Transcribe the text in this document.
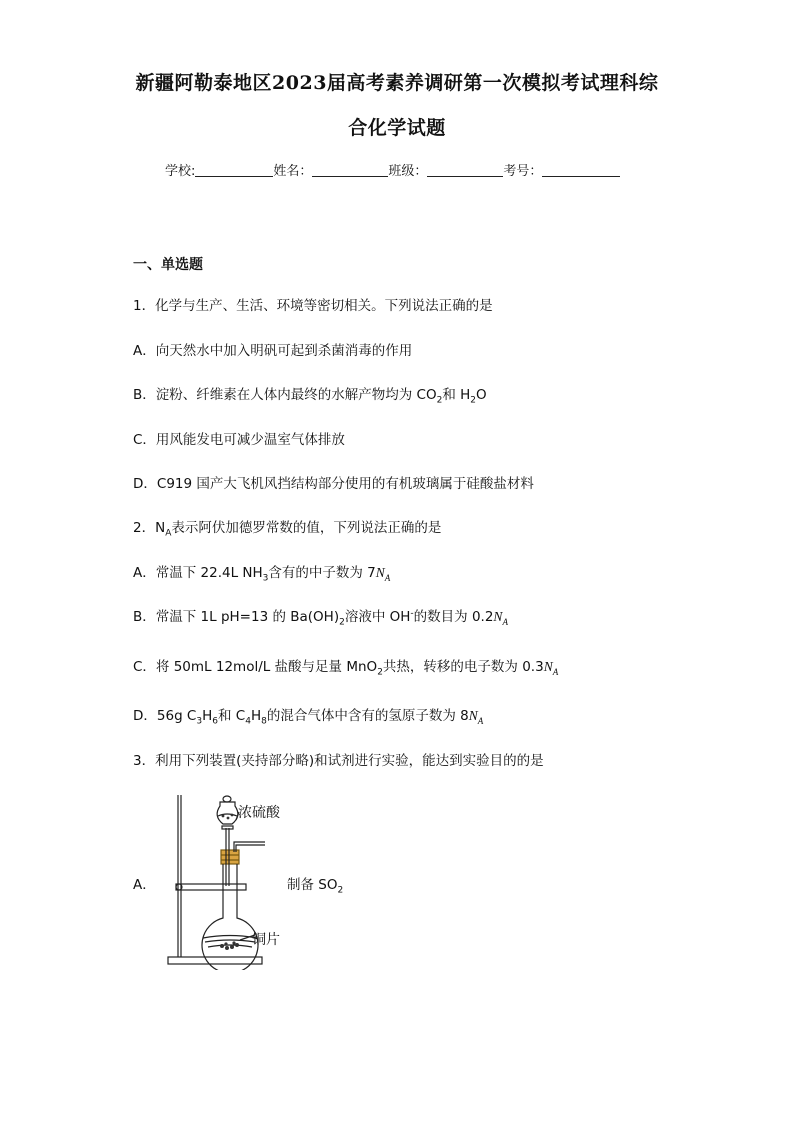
新疆阿勒泰地区2023届高考素养调研第一次模拟考试理科综
合化学试题
学校:	姓名：	班级：	考号：
一、单选题
1．化学与生产、生活、环境等密切相关。下列说法正确的是
A．向天然水中加入明矾可起到杀菌消毒的作用
B．淀粉、纤维素在人体内最终的水解产物均为 $CO_2$和 $H_2O$
C．用风能发电可减少温室气体排放
D．C919 国产大飞机风挡结构部分使用的有机玻璃属于硅酸盐材料
2．$N_A$表示阿伏加德罗常数的值，下列说法正确的是
A．常温下 22.4L $NH_3$含有的中子数为 $7N_A$
B．常温下 1L pH=13 的 $Ba(OH)_2$溶液中 OH-的数目为 $0.2N_A$
C．将 50mL 12mol/L 盐酸与足量 MnO$_2$共热，转移的电子数为 $0.3N_A$
D．56g $C_3H_6$和 $C_4H_8$的混合气体中含有的氢原子数为 $8N_A$
3．利用下列装置(夹持部分略)和试剂进行实验，能达到实验目的的是
A．
浓硫酸
铜片
制备 $SO_2$
